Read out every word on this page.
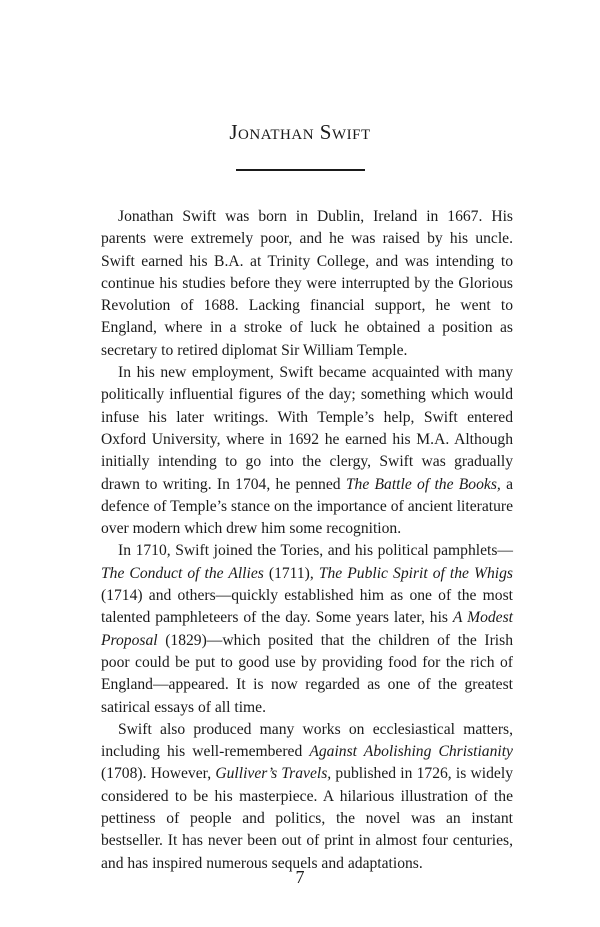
Jonathan Swift

Jonathan Swift was born in Dublin, Ireland in 1667. His parents were extremely poor, and he was raised by his uncle. Swift earned his B.A. at Trinity College, and was intending to continue his studies before they were interrupted by the Glorious Revolution of 1688. Lacking financial support, he went to England, where in a stroke of luck he obtained a position as secretary to retired diplomat Sir William Temple.

In his new employment, Swift became acquainted with many politically influential figures of the day; something which would infuse his later writings. With Temple’s help, Swift entered Oxford University, where in 1692 he earned his M.A. Although initially intending to go into the clergy, Swift was gradually drawn to writing. In 1704, he penned The Battle of the Books, a defence of Temple’s stance on the importance of ancient literature over modern which drew him some recognition.

In 1710, Swift joined the Tories, and his political pamphlets—The Conduct of the Allies (1711), The Public Spirit of the Whigs (1714) and others—quickly established him as one of the most talented pamphleteers of the day. Some years later, his A Modest Proposal (1829)—which posited that the children of the Irish poor could be put to good use by providing food for the rich of England—appeared. It is now regarded as one of the greatest satirical essays of all time.

Swift also produced many works on ecclesiastical matters, including his well-remembered Against Abolishing Christianity (1708). However, Gulliver’s Travels, published in 1726, is widely considered to be his masterpiece. A hilarious illustration of the pettiness of people and politics, the novel was an instant bestseller. It has never been out of print in almost four centuries, and has inspired numerous sequels and adaptations.

7
